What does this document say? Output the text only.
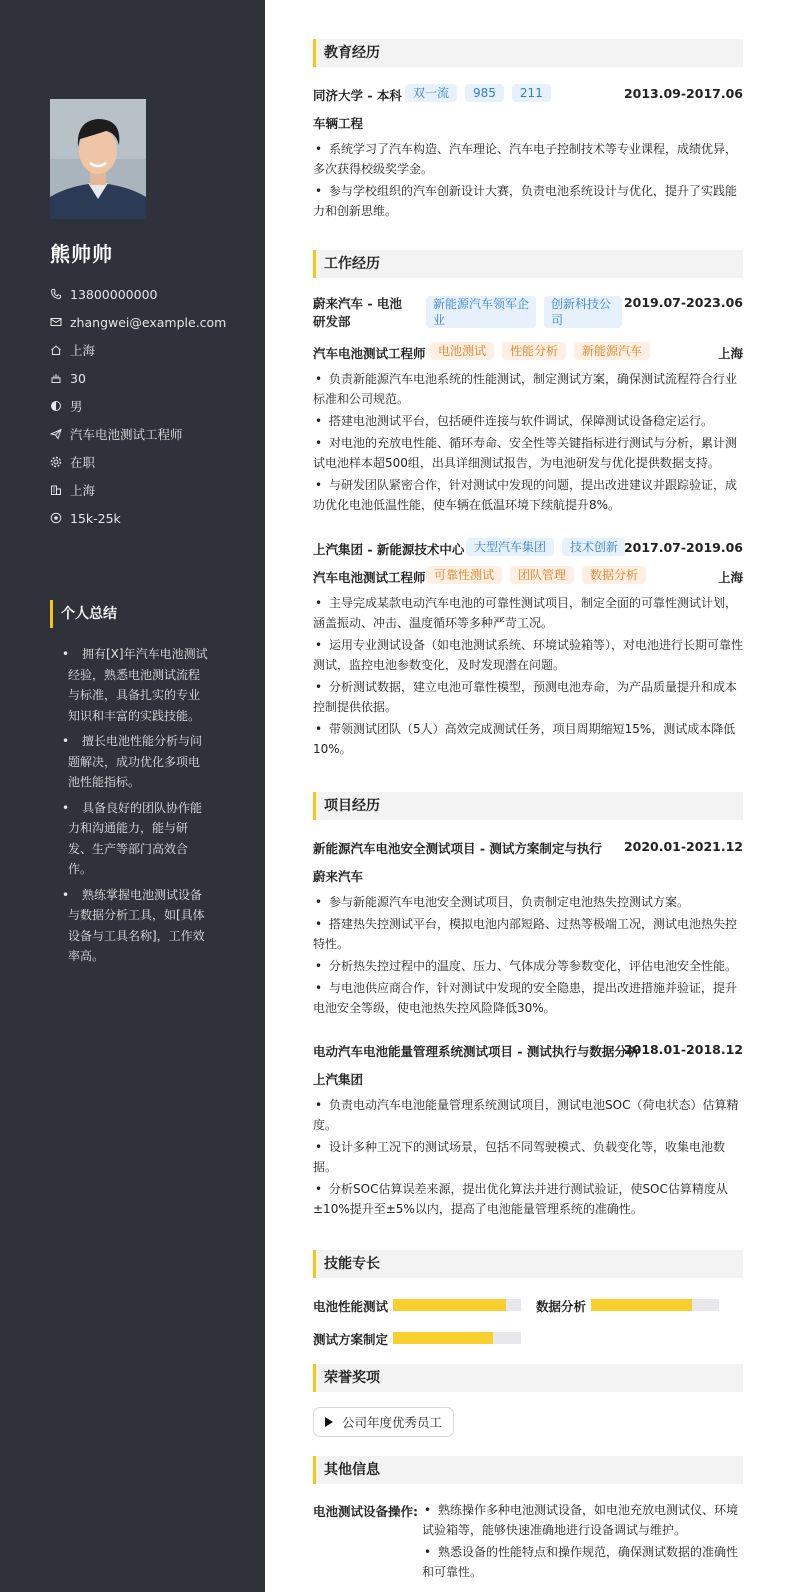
熊帅帅
13800000000
zhangwei@example.com
上海
30
男
汽车电池测试工程师
在职
上海
15k-25k
个人总结
• 拥有[X]年汽车电池测试经验，熟悉电池测试流程与标准，具备扎实的专业知识和丰富的实践技能。
• 擅长电池性能分析与问题解决，成功优化多项电池性能指标。
• 具备良好的团队协作能力和沟通能力，能与研发、生产等部门高效合作。
• 熟练掌握电池测试设备与数据分析工具，如[具体设备与工具名称]，工作效率高。
教育经历
同济大学 - 本科 双一流	985	211	2013.09-2017.06
车辆工程
• 系统学习了汽车构造、汽车理论、汽车电子控制技术等专业课程，成绩优异，多次获得校级奖学金。
• 参与学校组织的汽车创新设计大赛，负责电池系统设计与优化，提升了实践能力和创新思维。
工作经历
蔚来汽车 - 电池研发部
新能源汽车领军企业
创新科技公司
2019.07-2023.06
汽车电池测试工程师	电池测试	性能分析	新能源汽车	上海
• 负责新能源汽车电池系统的性能测试，制定测试方案，确保测试流程符合行业标准和公司规范。
• 搭建电池测试平台，包括硬件连接与软件调试，保障测试设备稳定运行。
• 对电池的充放电性能、循环寿命、安全性等关键指标进行测试与分析，累计测试电池样本超500组，出具详细测试报告，为电池研发与优化提供数据支持。
• 与研发团队紧密合作，针对测试中发现的问题，提出改进建议并跟踪验证，成功优化电池低温性能，使车辆在低温环境下续航提升8%。
上汽集团 - 新能源技术中心 大型汽车集团	技术创新 2017.07-2019.06
汽车电池测试工程师 可靠性测试	团队管理	数据分析	上海
• 主导完成某款电动汽车电池的可靠性测试项目，制定全面的可靠性测试计划，涵盖振动、冲击、温度循环等多种严苛工况。
• 运用专业测试设备（如电池测试系统、环境试验箱等），对电池进行长期可靠性测试，监控电池参数变化，及时发现潜在问题。
• 分析测试数据，建立电池可靠性模型，预测电池寿命，为产品质量提升和成本控制提供依据。
• 带领测试团队（5人）高效完成测试任务，项目周期缩短15%，测试成本降低10%。
项目经历
新能源汽车电池安全测试项目 - 测试方案制定与执行	2020.01-2021.12
蔚来汽车
• 参与新能源汽车电池安全测试项目，负责制定电池热失控测试方案。
• 搭建热失控测试平台，模拟电池内部短路、过热等极端工况，测试电池热失控特性。
• 分析热失控过程中的温度、压力、气体成分等参数变化，评估电池安全性能。
• 与电池供应商合作，针对测试中发现的安全隐患，提出改进措施并验证，提升电池安全等级，使电池热失控风险降低30%。
电动汽车电池能量管理系统测试项目 - 测试执行与数据分析
2018.01-2018.12
上汽集团
• 负责电动汽车电池能量管理系统测试项目，测试电池SOC（荷电状态）估算精度。
• 设计多种工况下的测试场景，包括不同驾驶模式、负载变化等，收集电池数据。
• 分析SOC估算误差来源，提出优化算法并进行测试验证，使SOC估算精度从±10%提升至±5%以内，提高了电池能量管理系统的准确性。
技能专长
电池性能测试	数据分析
测试方案制定
荣誉奖项
公司年度优秀员工
其他信息
电池测试设备操作:
•	熟练操作多种电池测试设备，如电池充放电测试仪、环境试验箱等，能够快速准确地进行设备调试与维护。
• 熟悉设备的性能特点和操作规范，确保测试数据的准确性和可靠性。
